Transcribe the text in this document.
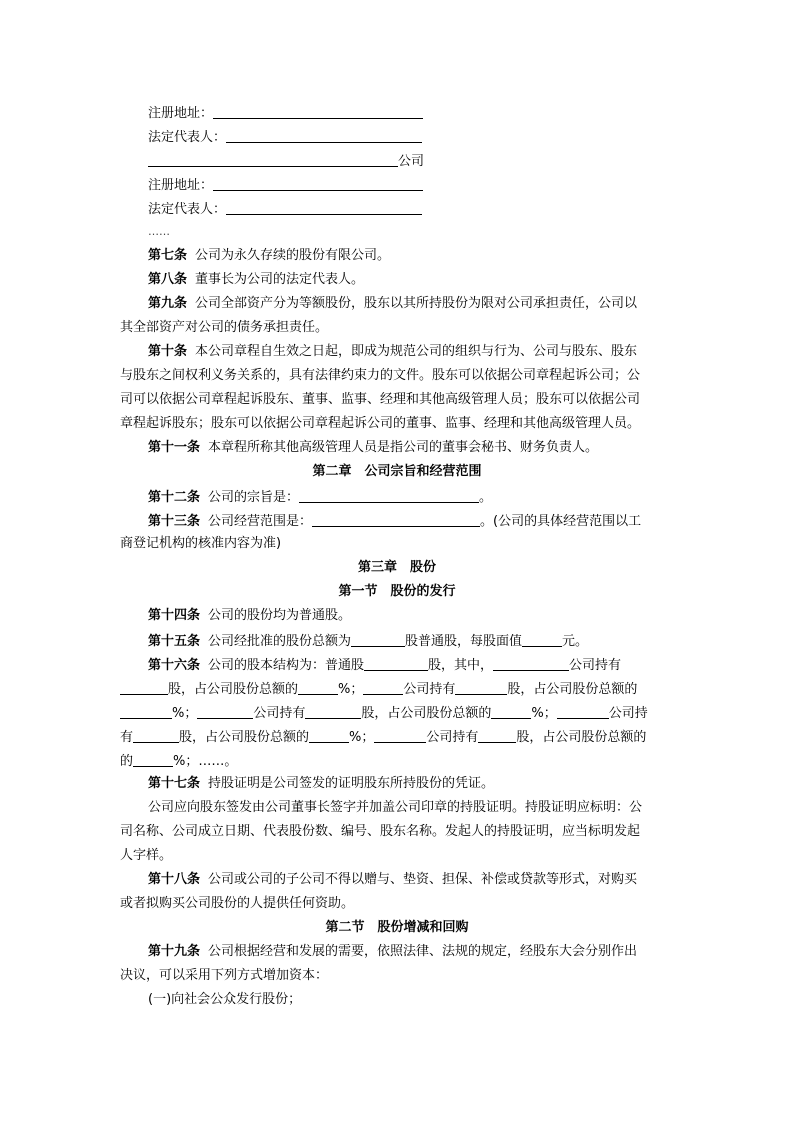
注册地址：
法定代表人：
公司
注册地址：
法定代表人：
……
第七条 公司为永久存续的股份有限公司。
第八条 董事长为公司的法定代表人。
第九条 公司全部资产分为等额股份，股东以其所持股份为限对公司承担责任，公司以
其全部资产对公司的债务承担责任。
第十条 本公司章程自生效之日起，即成为规范公司的组织与行为、公司与股东、股东
与股东之间权利义务关系的，具有法律约束力的文件。股东可以依据公司章程起诉公司；公
司可以依据公司章程起诉股东、董事、监事、经理和其他高级管理人员；股东可以依据公司
章程起诉股东；股东可以依据公司章程起诉公司的董事、监事、经理和其他高级管理人员。
第十一条 本章程所称其他高级管理人员是指公司的董事会秘书、财务负责人。
第二章　公司宗旨和经营范围
第十二条 公司的宗旨是：	。
第十三条 公司经营范围是：	。(公司的具体经营范围以工
商登记机构的核准内容为准)
第三章　股份
第一节　股份的发行
第十四条 公司的股份均为普通股。
第十五条 公司经批准的股份总额为	股普通股，每股面值	元。
第十六条 公司的股本结构为：普通股	股，其中，	公司持有
股，占公司股份总额的	%；	公司持有	股，占公司股份总额的
%；	公司持有	股，占公司股份总额的	%；	公司持
有	股，占公司股份总额的	%；	公司持有	股，占公司股份总额的
的	%；……。
第十七条 持股证明是公司签发的证明股东所持股份的凭证。
公司应向股东签发由公司董事长签字并加盖公司印章的持股证明。持股证明应标明：公
司名称、公司成立日期、代表股份数、编号、股东名称。发起人的持股证明，应当标明发起
人字样。
第十八条 公司或公司的子公司不得以赠与、垫资、担保、补偿或贷款等形式，对购买
或者拟购买公司股份的人提供任何资助。
第二节　股份增减和回购
第十九条 公司根据经营和发展的需要，依照法律、法规的规定，经股东大会分别作出
决议，可以采用下列方式增加资本：
(一)向社会公众发行股份；
